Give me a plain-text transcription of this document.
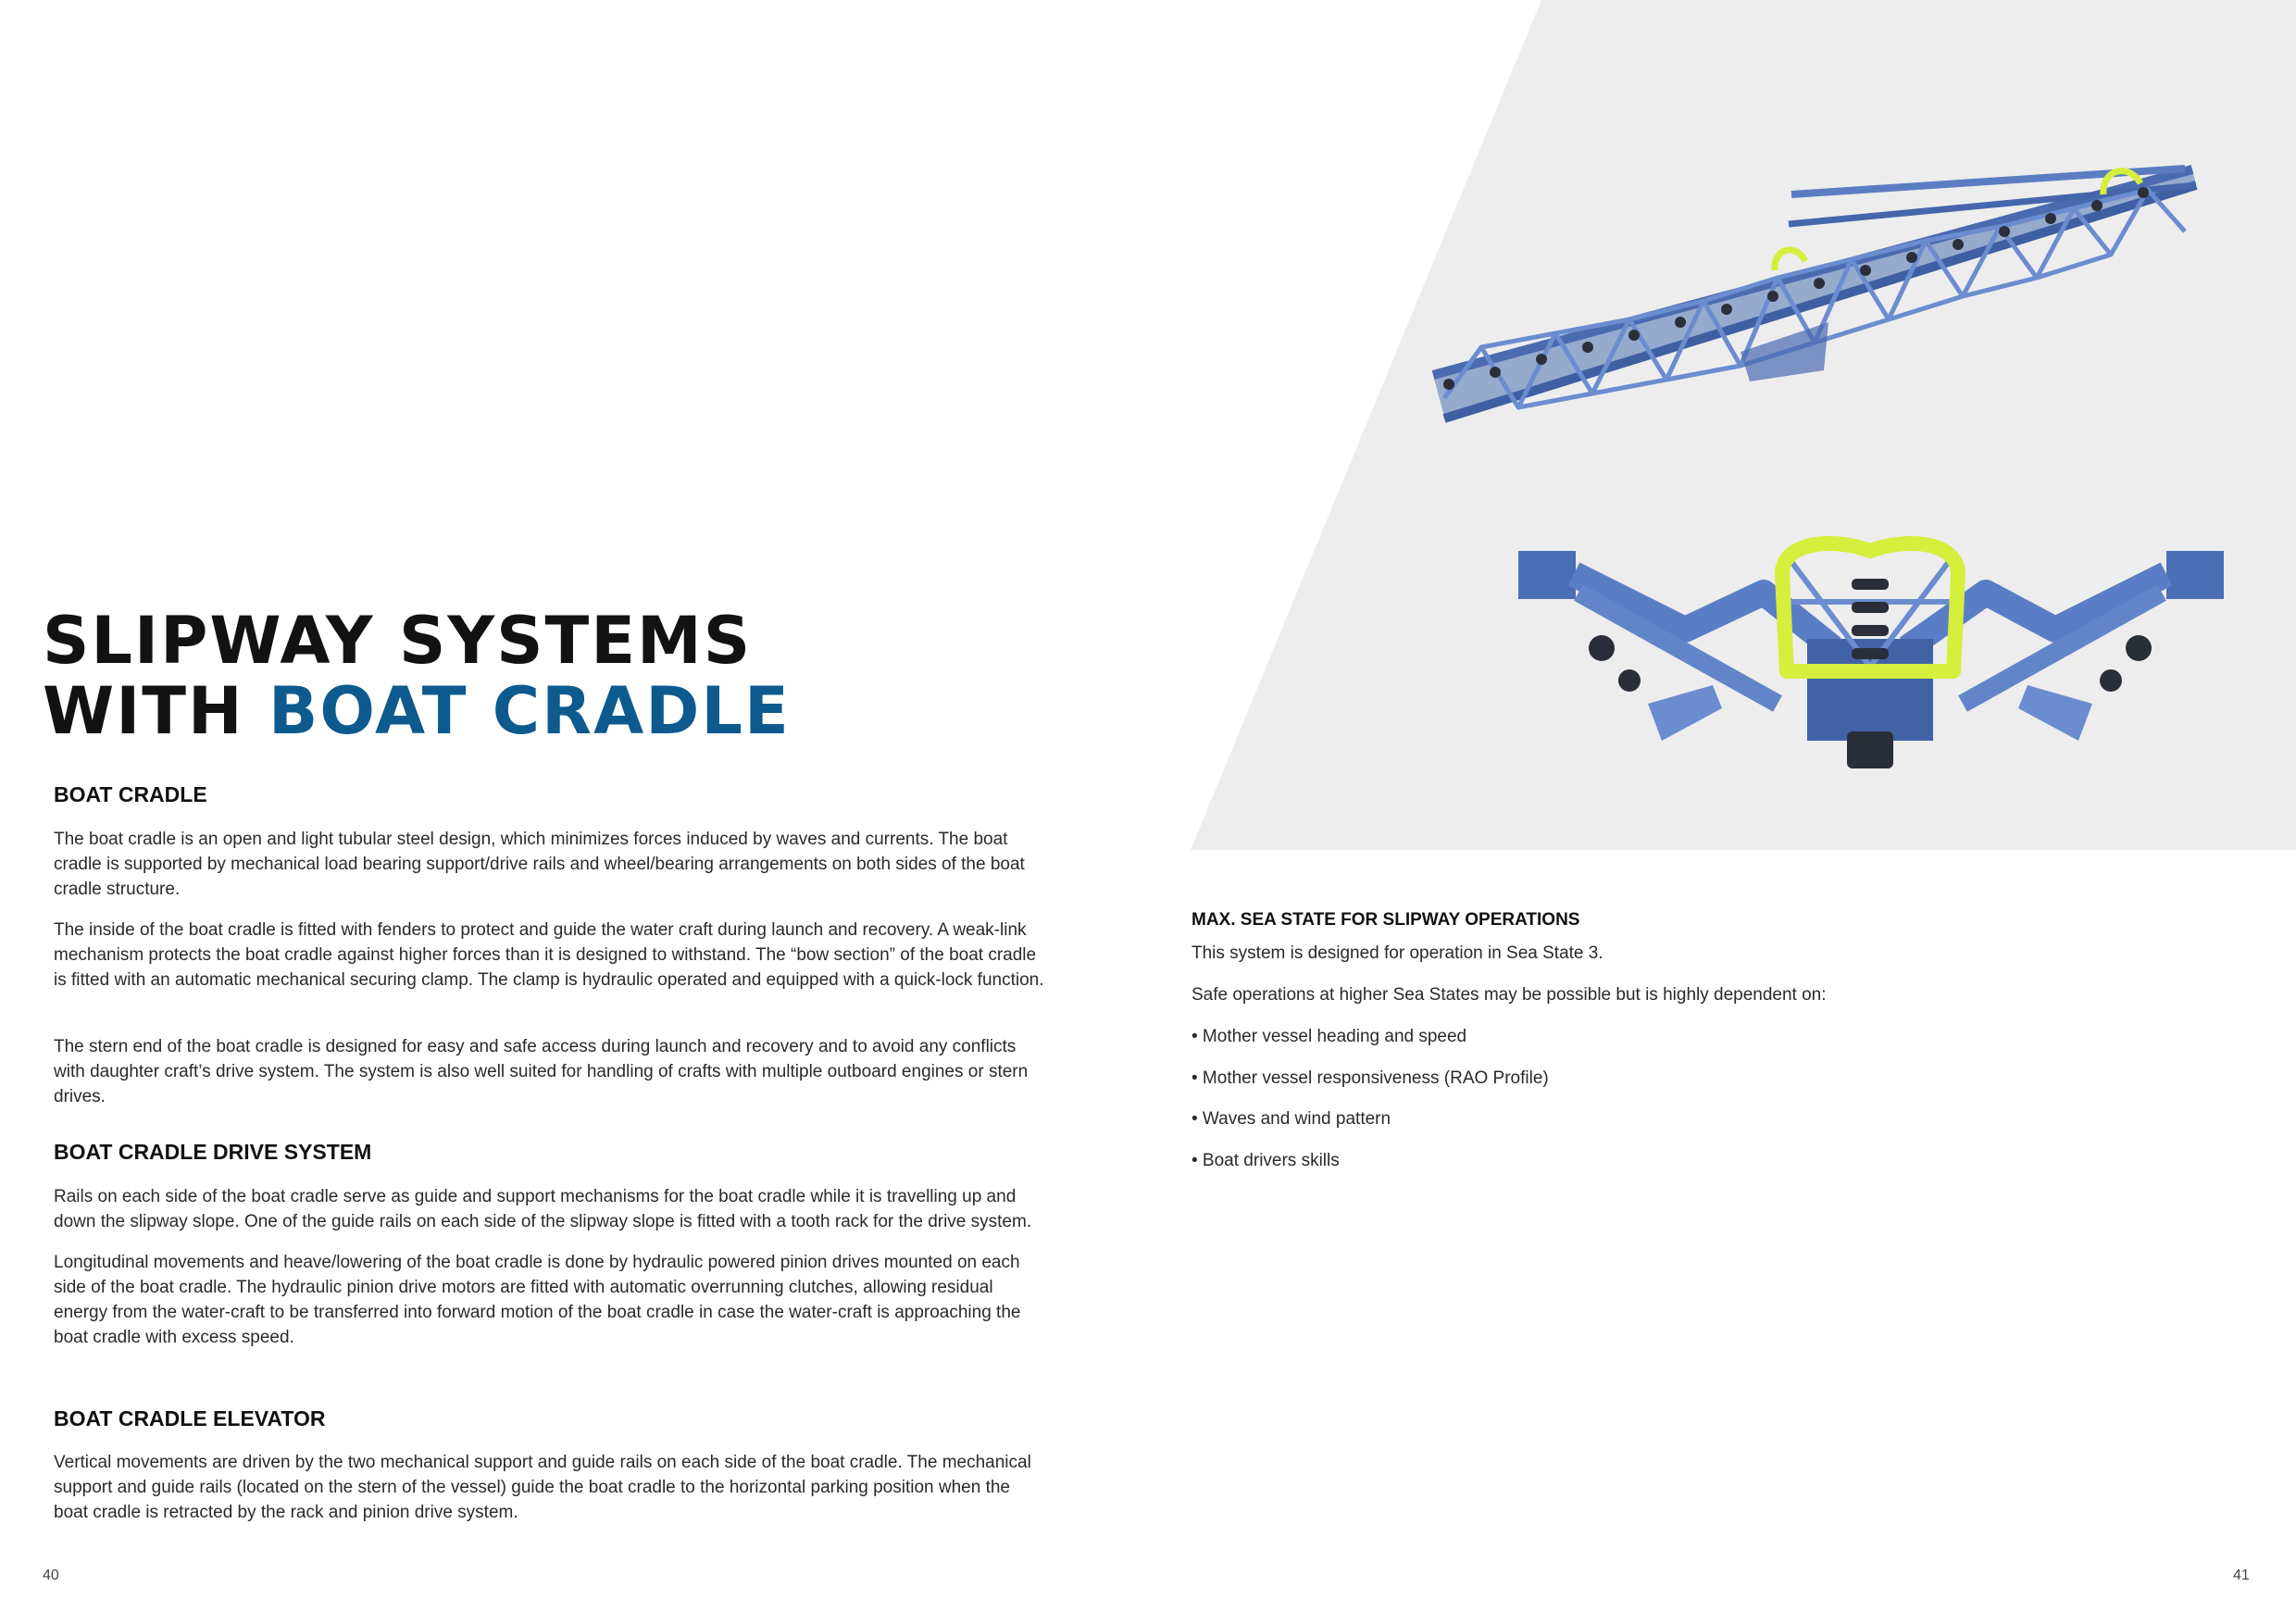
SLIPWAY SYSTEMS
WITH BOAT CRADLE
BOAT CRADLE

The boat cradle is an open and light tubular steel design, which minimizes forces induced by waves and currents. The boat cradle is supported by mechanical load bearing support/drive rails and wheel/bearing arrangements on both sides of the boat cradle structure.

The inside of the boat cradle is fitted with fenders to protect and guide the water craft during launch and recovery. A weak-link mechanism protects the boat cradle against higher forces than it is designed to withstand. The “bow section” of the boat cradle is fitted with an automatic mechanical securing clamp. The clamp is hydraulic operated and equipped with a quick-lock function.

The stern end of the boat cradle is designed for easy and safe access during launch and recovery and to avoid any conflicts with daughter craft’s drive system. The system is also well suited for handling of crafts with multiple outboard engines or stern drives.

BOAT CRADLE DRIVE SYSTEM

Rails on each side of the boat cradle serve as guide and support mechanisms for the boat cradle while it is travelling up and down the slipway slope. One of the guide rails on each side of the slipway slope is fitted with a tooth rack for the drive system.

Longitudinal movements and heave/lowering of the boat cradle is done by hydraulic powered pinion drives mounted on each side of the boat cradle. The hydraulic pinion drive motors are fitted with automatic overrunning clutches, allowing residual energy from the water-craft to be transferred into forward motion of the boat cradle in case the water-craft is approaching the boat cradle with excess speed.

BOAT CRADLE ELEVATOR

Vertical movements are driven by the two mechanical support and guide rails on each side of the boat cradle. The mechanical support and guide rails (located on the stern of the vessel) guide the boat cradle to the horizontal parking position when the boat cradle is retracted by the rack and pinion drive system.

MAX. SEA STATE FOR SLIPWAY OPERATIONS

This system is designed for operation in Sea State 3.

Safe operations at higher Sea States may be possible but is highly dependent on:

• Mother vessel heading and speed

• Mother vessel responsiveness (RAO Profile)

• Waves and wind pattern

• Boat drivers skills

40	41
